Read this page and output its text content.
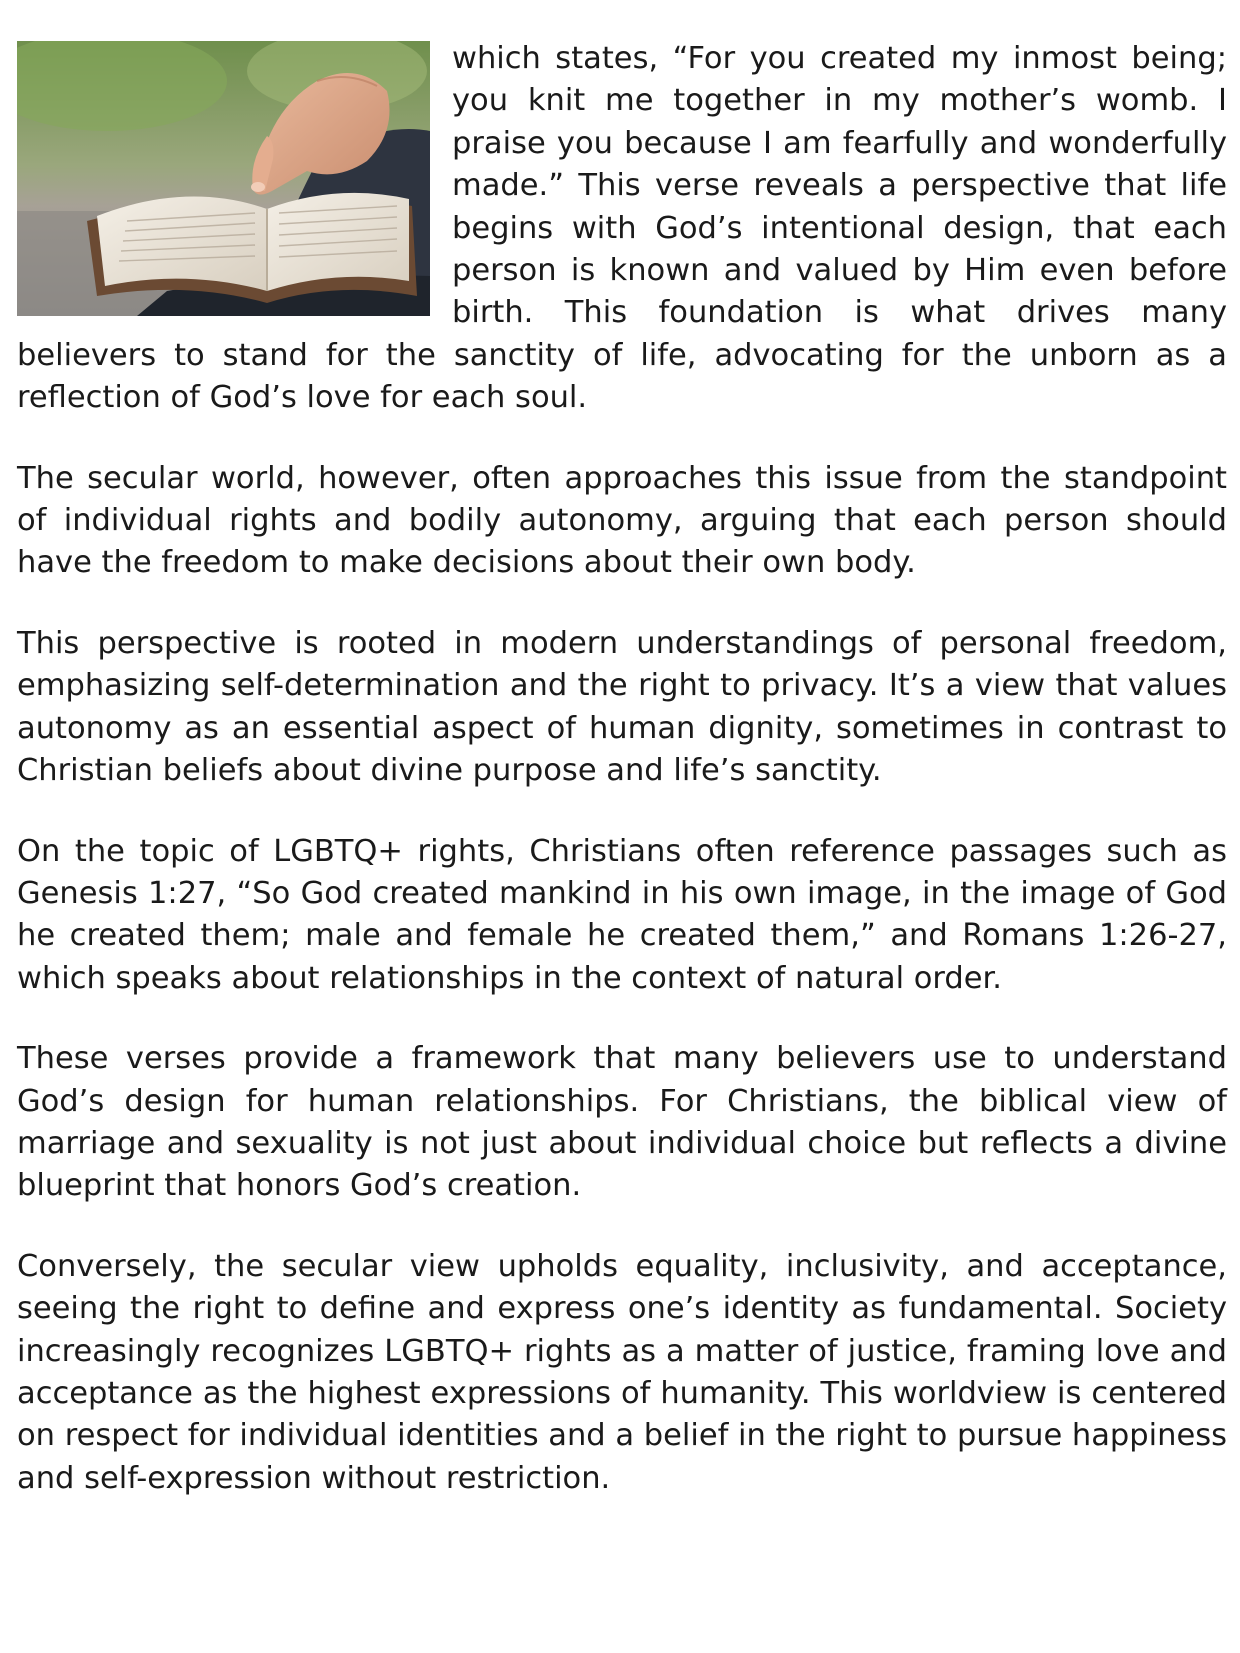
which states, “For you created my inmost being; you knit me together in my mother’s womb. I praise you because I am fearfully and wonderfully made.” This verse reveals a perspective that life begins with God’s intentional design, that each person is known and valued by Him even before birth. This foundation is what drives many believers to stand for the sanctity of life, advocating for the unborn as a reflection of God’s love for each soul.

The secular world, however, often approaches this issue from the standpoint of individual rights and bodily autonomy, arguing that each person should have the freedom to make decisions about their own body.

This perspective is rooted in modern understandings of personal freedom, emphasizing self-determination and the right to privacy. It’s a view that values autonomy as an essential aspect of human dignity, sometimes in contrast to Christian beliefs about divine purpose and life’s sanctity.

On the topic of LGBTQ+ rights, Christians often reference passages such as Genesis 1:27, “So God created mankind in his own image, in the image of God he created them; male and female he created them,” and Romans 1:26-27, which speaks about relationships in the context of natural order.

These verses provide a framework that many believers use to understand God’s design for human relationships. For Christians, the biblical view of marriage and sexuality is not just about individual choice but reflects a divine blueprint that honors God’s creation.

Conversely, the secular view upholds equality, inclusivity, and acceptance, seeing the right to define and express one’s identity as fundamental. Society increasingly recognizes LGBTQ+ rights as a matter of justice, framing love and acceptance as the highest expressions of humanity. This worldview is centered on respect for individual identities and a belief in the right to pursue happiness and self-expression without restriction.
